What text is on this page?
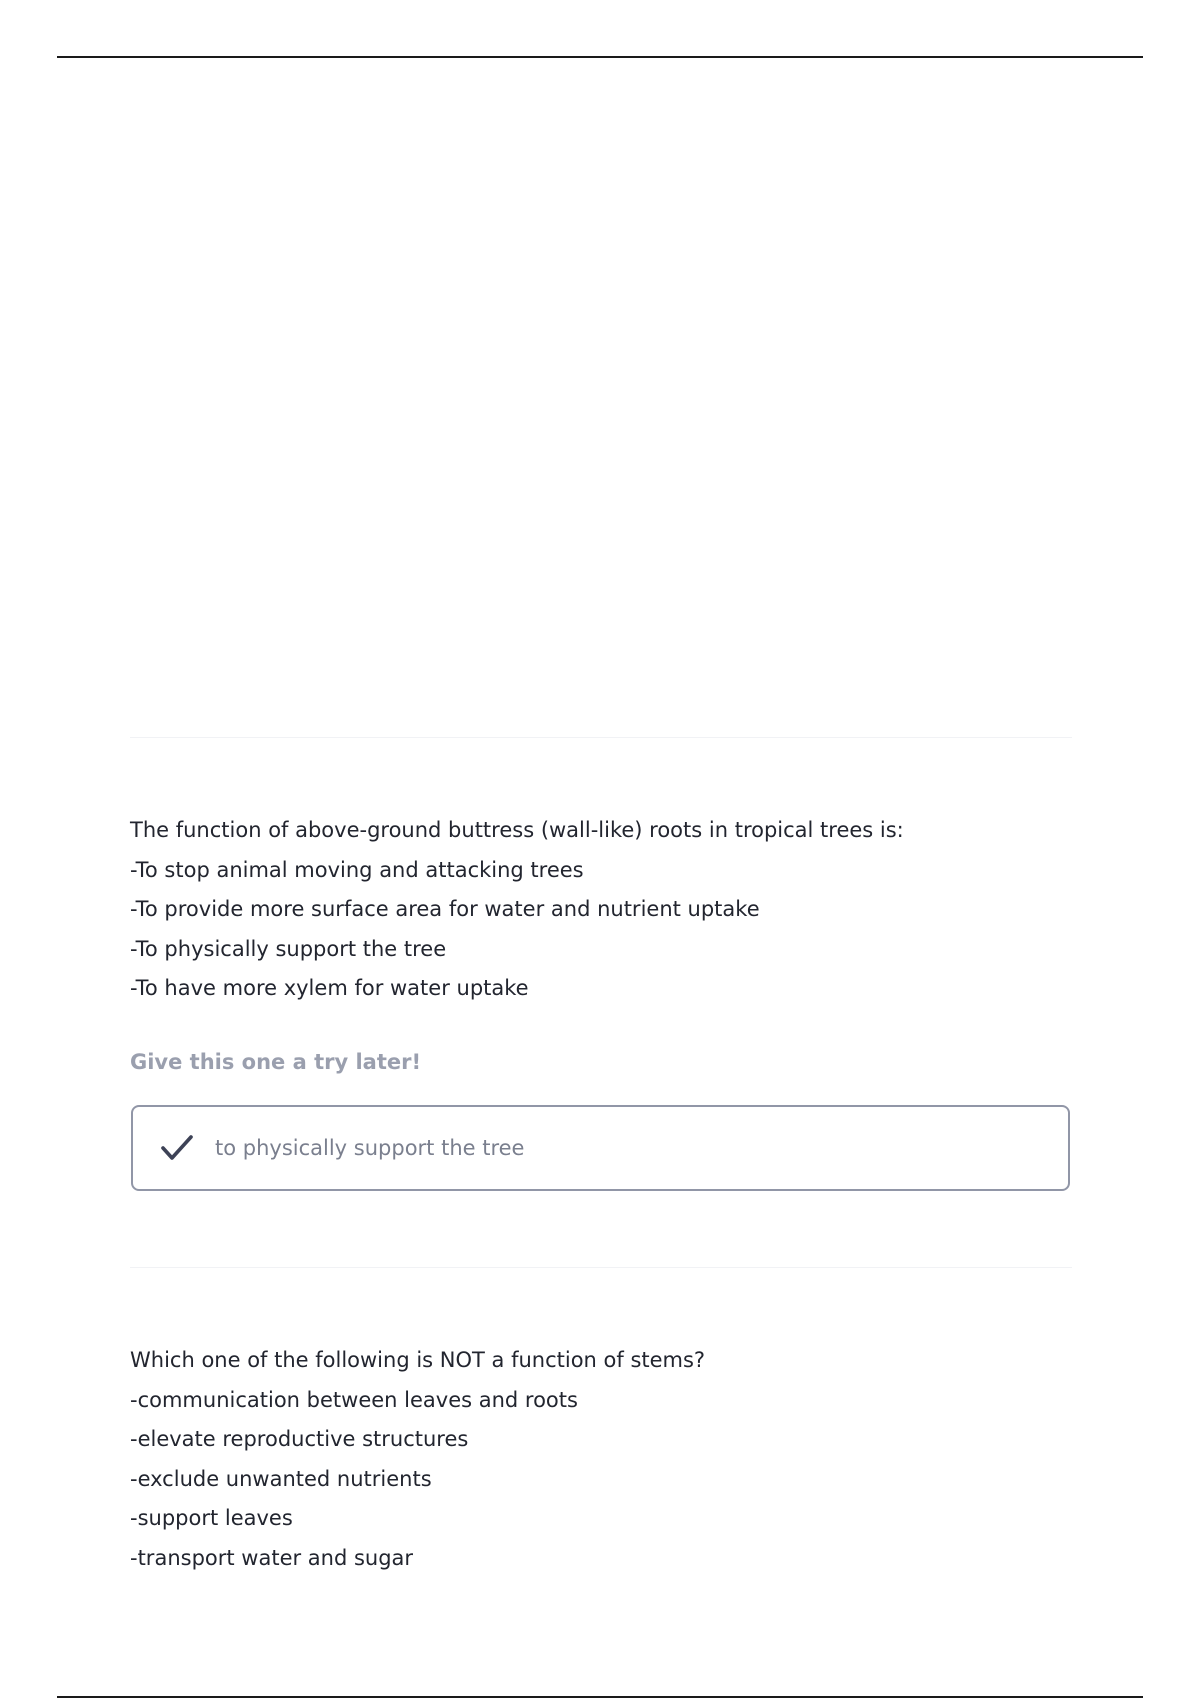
The function of above-ground buttress (wall-like) roots in tropical trees is:
-To stop animal moving and attacking trees
-To provide more surface area for water and nutrient uptake
-To physically support the tree
-To have more xylem for water uptake
Give this one a try later!
to physically support the tree
Which one of the following is NOT a function of stems?
-communication between leaves and roots
-elevate reproductive structures
-exclude unwanted nutrients
-support leaves
-transport water and sugar
